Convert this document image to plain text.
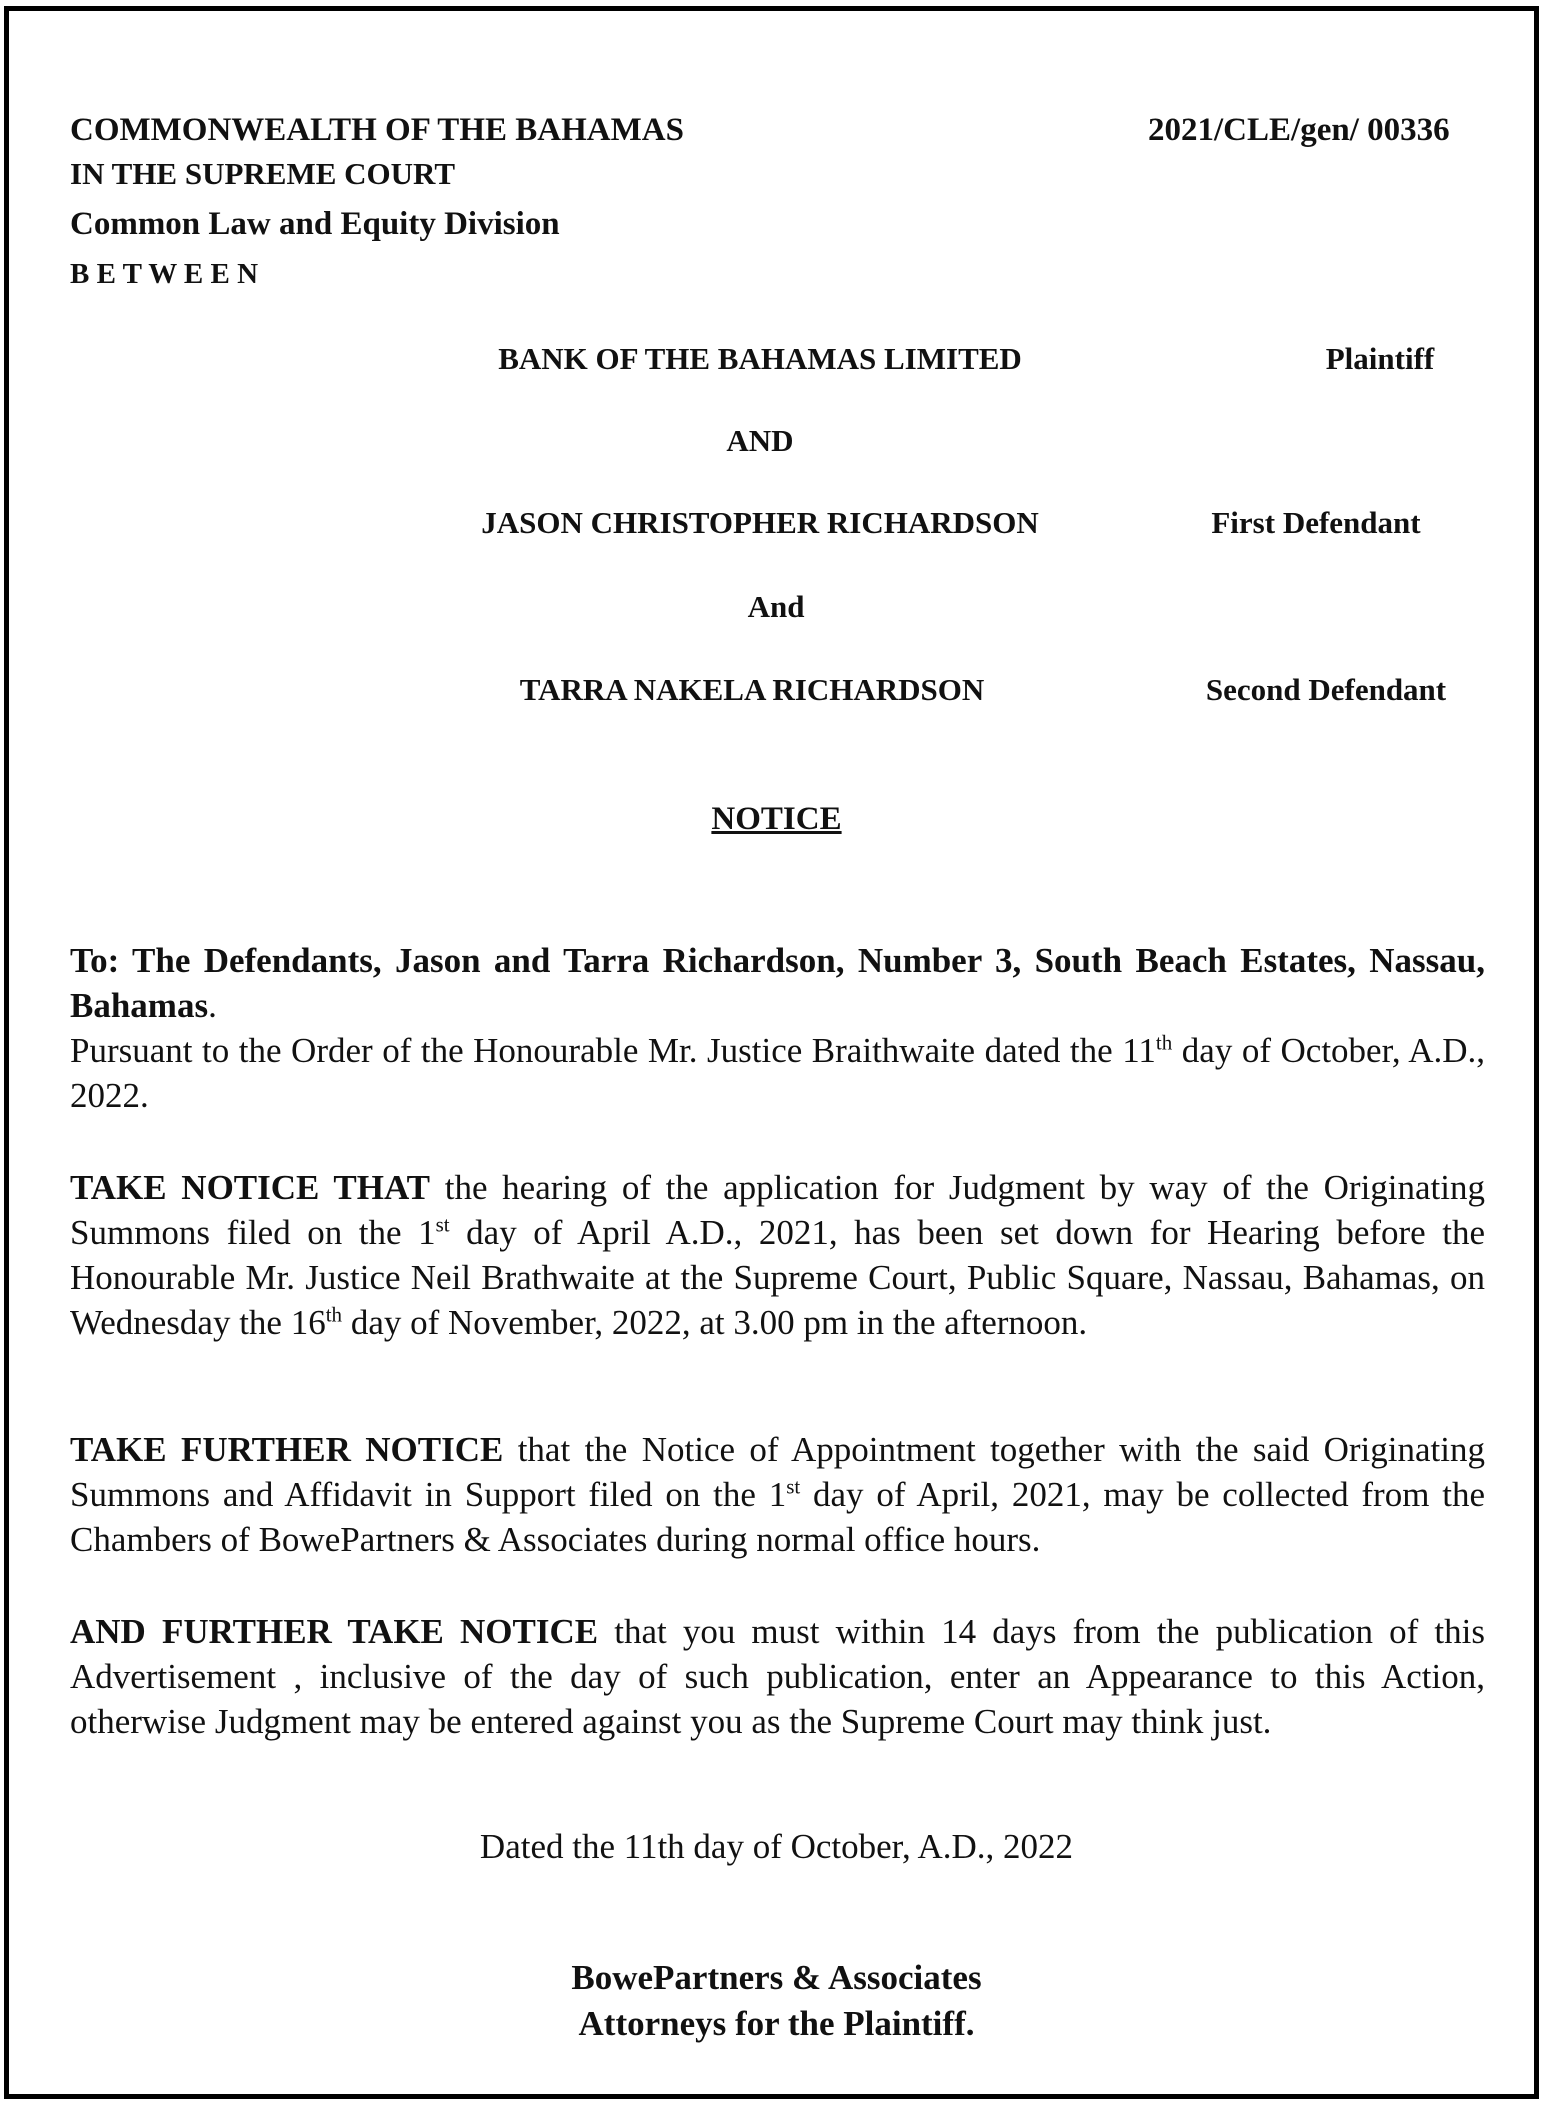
COMMONWEALTH OF THE BAHAMAS	2021/CLE/gen/ 00336
IN THE SUPREME COURT
Common Law and Equity Division
B E T W E E N
BANK OF THE BAHAMAS LIMITED	Plaintiff
AND
JASON CHRISTOPHER RICHARDSON	First Defendant
And
TARRA NAKELA RICHARDSON	Second Defendant
NOTICE
To: The Defendants, Jason and Tarra Richardson, Number 3, South Beach Estates, Nassau, Bahamas.
Pursuant to the Order of the Honourable Mr. Justice Braithwaite dated the 11th day of October, A.D., 2022.
TAKE NOTICE THAT the hearing of the application for Judgment by way of the Originating Summons filed on the 1st day of April A.D., 2021, has been set down for Hearing before the Honourable Mr. Justice Neil Brathwaite at the Supreme Court, Public Square, Nassau, Bahamas, on Wednesday the 16th day of November, 2022, at 3.00 pm in the afternoon.
TAKE FURTHER NOTICE that the Notice of Appointment together with the said Originating Summons and Affidavit in Support filed on the 1st day of April, 2021, may be collected from the Chambers of BowePartners & Associates during normal office hours.
AND FURTHER TAKE NOTICE that you must within 14 days from the publication of this Advertisement , inclusive of the day of such publication, enter an Appearance to this Action, otherwise Judgment may be entered against you as the Supreme Court may think just.
Dated the 11th day of October, A.D., 2022
BowePartners & Associates
Attorneys for the Plaintiff.
